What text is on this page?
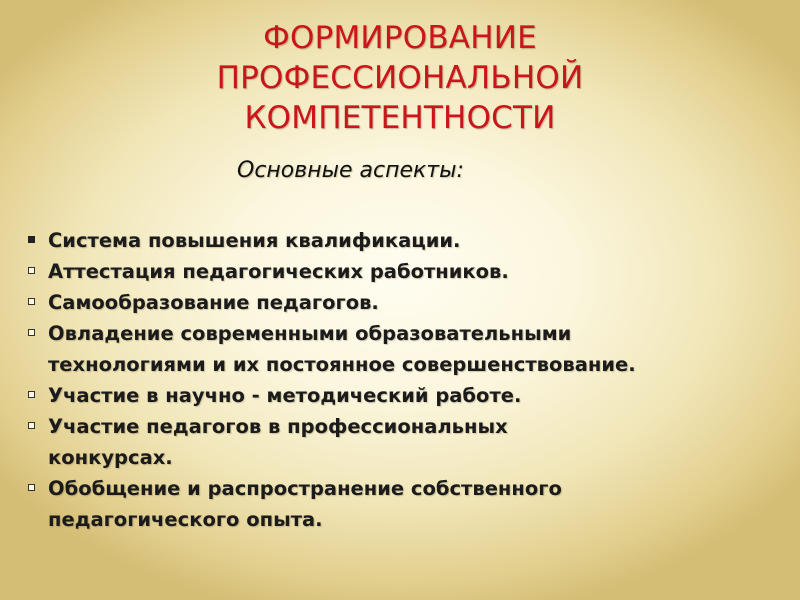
ФОРМИРОВАНИЕ
ПРОФЕССИОНАЛЬНОЙ
КОМПЕТЕНТНОСТИ
Основные аспекты:
Система повышения квалификации.
Аттестация педагогических работников.
Самообразование педагогов.
Овладение современными образовательными
технологиями и их постоянное совершенствование.
Участие в научно - методический работе.
Участие педагогов в профессиональных
конкурсах.
Обобщение и распространение собственного
педагогического опыта.
